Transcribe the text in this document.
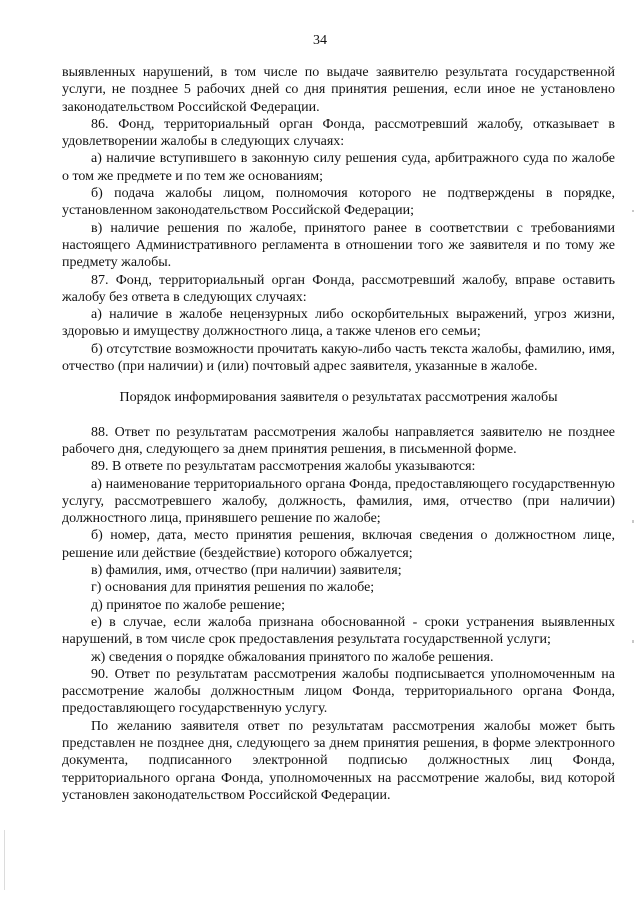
34

выявленных нарушений, в том числе по выдаче заявителю результата государственной услуги, не позднее 5 рабочих дней со дня принятия решения, если иное не установлено законодательством Российской Федерации.

86. Фонд, территориальный орган Фонда, рассмотревший жалобу, отказывает в удовлетворении жалобы в следующих случаях:

а) наличие вступившего в законную силу решения суда, арбитражного суда по жалобе о том же предмете и по тем же основаниям;

б) подача жалобы лицом, полномочия которого не подтверждены в порядке, установленном законодательством Российской Федерации;

в) наличие решения по жалобе, принятого ранее в соответствии с требованиями настоящего Административного регламента в отношении того же заявителя и по тому же предмету жалобы.

87. Фонд, территориальный орган Фонда, рассмотревший жалобу, вправе оставить жалобу без ответа в следующих случаях:

а) наличие в жалобе нецензурных либо оскорбительных выражений, угроз жизни, здоровью и имуществу должностного лица, а также членов его семьи;

б) отсутствие возможности прочитать какую-либо часть текста жалобы, фамилию, имя, отчество (при наличии) и (или) почтовый адрес заявителя, указанные в жалобе.

Порядок информирования заявителя о результатах рассмотрения жалобы

88. Ответ по результатам рассмотрения жалобы направляется заявителю не позднее рабочего дня, следующего за днем принятия решения, в письменной форме.

89. В ответе по результатам рассмотрения жалобы указываются:

а) наименование территориального органа Фонда, предоставляющего государственную услугу, рассмотревшего жалобу, должность, фамилия, имя, отчество (при наличии) должностного лица, принявшего решение по жалобе;

б) номер, дата, место принятия решения, включая сведения о должностном лице, решение или действие (бездействие) которого обжалуется;

в) фамилия, имя, отчество (при наличии) заявителя;

г) основания для принятия решения по жалобе;

д) принятое по жалобе решение;

е) в случае, если жалоба признана обоснованной - сроки устранения выявленных нарушений, в том числе срок предоставления результата государственной услуги;

ж) сведения о порядке обжалования принятого по жалобе решения.

90. Ответ по результатам рассмотрения жалобы подписывается уполномоченным на рассмотрение жалобы должностным лицом Фонда, территориального органа Фонда, предоставляющего государственную услугу.

По желанию заявителя ответ по результатам рассмотрения жалобы может быть представлен не позднее дня, следующего за днем принятия решения, в форме электронного документа, подписанного электронной подписью должностных лиц Фонда, территориального органа Фонда, уполномоченных на рассмотрение жалобы, вид которой установлен законодательством Российской Федерации.
